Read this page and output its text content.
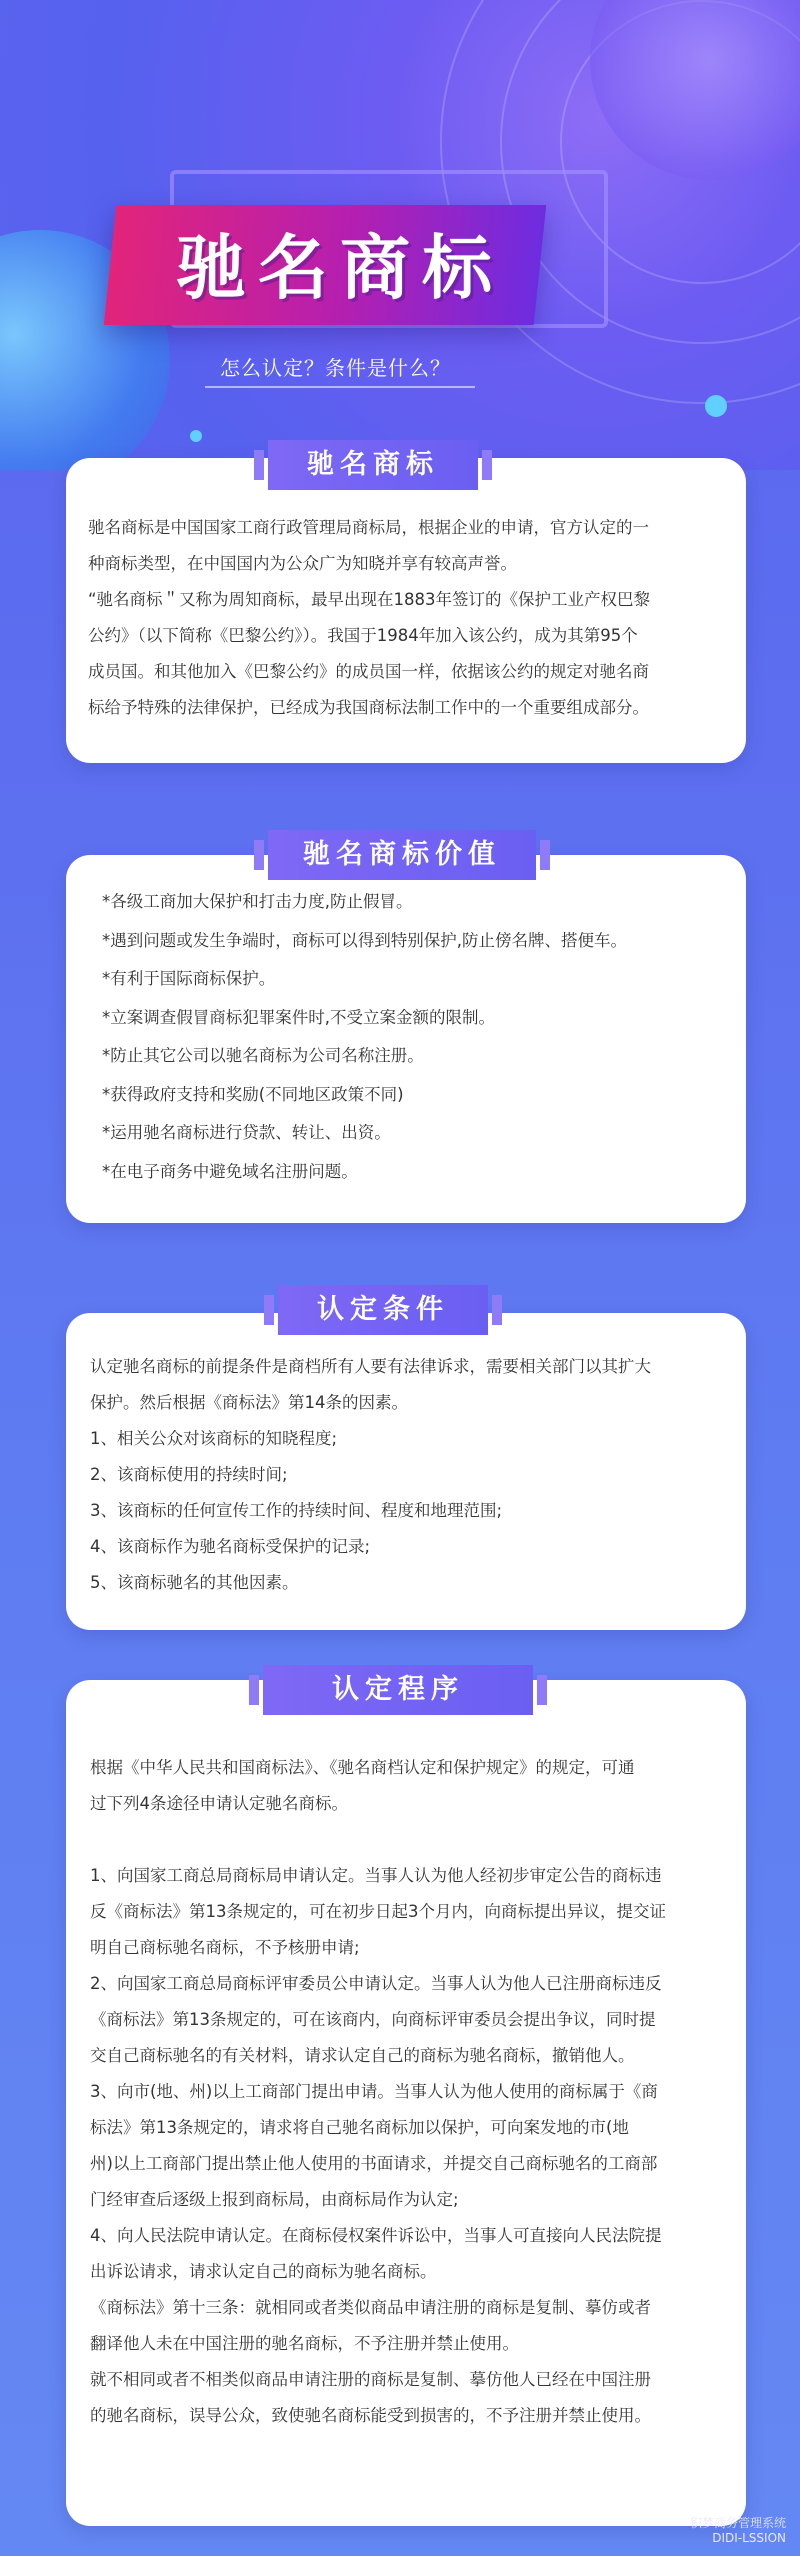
驰名商标
怎么认定？条件是什么？

驰名商标是中国国家工商行政管理局商标局，根据企业的申请，官方认定的一

种商标类型，在中国国内为公众广为知晓并享有较高声誉。

“驰名商标＂又称为周知商标，最早出现在1883年签订的《保护工业产权巴黎

公约》（以下简称《巴黎公约》）。我国于1984年加入该公约，成为其第95个

成员国。和其他加入《巴黎公约》的成员国一样，依据该公约的规定对驰名商

标给予特殊的法律保护，已经成为我国商标法制工作中的一个重要组成部分。

驰名商标

*各级工商加大保护和打击力度,防止假冒。

*遇到问题或发生争端时，商标可以得到特别保护,防止傍名牌、搭便车。

*有利于国际商标保护。

*立案调查假冒商标犯罪案件时,不受立案金额的限制。

*防止其它公司以驰名商标为公司名称注册。

*获得政府支持和奖励(不同地区政策不同)

*运用驰名商标进行贷款、转让、出资。

*在电子商务中避免域名注册问题。

驰名商标价值

认定驰名商标的前提条件是商档所有人要有法律诉求，需要相关部门以其扩大

保护。然后根据《商标法》第14条的因素。

1、相关公众对该商标的知晓程度;

2、该商标使用的持续时间;

3、该商标的任何宣传工作的持续时间、程度和地理范围;

4、该商标作为驰名商标受保护的记录;

5、该商标驰名的其他因素。

认定条件

根据《中华人民共和国商标法》、《驰名商档认定和保护规定》的规定，可通

过下列4条途径申请认定驰名商标。

1、向国家工商总局商标局申请认定。当事人认为他人经初步审定公告的商标违

反《商标法》第13条规定的，可在初步日起3个月内，向商标提出异议，提交证

明自己商标驰名商标，不予核册申请;

2、向国家工商总局商标评审委员公申请认定。当事人认为他人已注册商标违反

《商标法》第13条规定的，可在该商内，向商标评审委员会提出争议，同时提

交自己商标驰名的有关材料，请求认定自己的商标为驰名商标，撤销他人。

3、向市(地、州)以上工商部门提出申请。当事人认为他人使用的商标属于《商

标法》第13条规定的，请求将自己驰名商标加以保护，可向案发地的市(地

州)以上工商部门提出禁止他人使用的书面请求，并提交自己商标驰名的工商部

门经审查后逐级上报到商标局，由商标局作为认定;

4、向人民法院申请认定。在商标侵权案件诉讼中，当事人可直接向人民法院提

出诉讼请求，请求认定自己的商标为驰名商标。

《商标法》第十三条：就相同或者类似商品申请注册的商标是复制、摹仿或者

翻译他人未在中国注册的驰名商标，不予注册并禁止使用。

就不相同或者不相类似商品申请注册的商标是复制、摹仿他人已经在中国注册

的驰名商标，误导公众，致使驰名商标能受到损害的，不予注册并禁止使用。

认定程序
积梦商务管理系统
DIDI-LSSION
